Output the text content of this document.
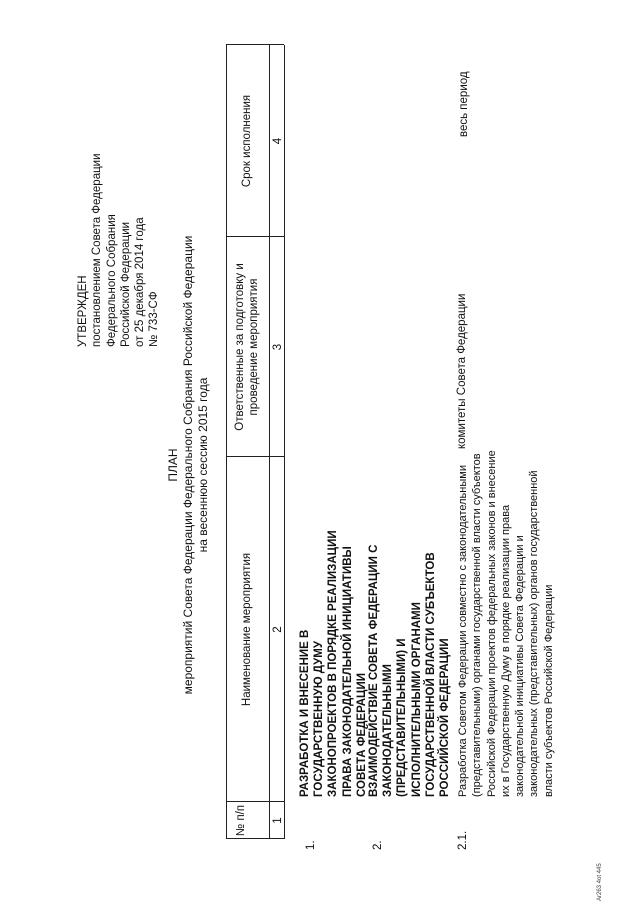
УТВЕРЖДЕН постановлением Совета Федерации Федерального Собрания Российской Федерации от 25 декабря 2014 года № 733-СФ
ПЛАН мероприятий Совета Федерации Федерального Собрания Российской Федерации на весеннюю сессию 2015 года
№ п/п
Наименование мероприятия
Ответственные за подготовку и проведение мероприятия
Срок исполнения
1
2
3
4
1.
РАЗРАБОТКА И ВНЕСЕНИЕ В ГОСУДАРСТВЕННУЮ ДУМУ ЗАКОНОПРОЕКТОВ В ПОРЯДКЕ РЕАЛИЗАЦИИ ПРАВА ЗАКОНОДАТЕЛЬНОЙ ИНИЦИАТИВЫ СОВЕТА ФЕДЕРАЦИИ
2.
ВЗАИМОДЕЙСТВИЕ СОВЕТА ФЕДЕРАЦИИ С ЗАКОНОДАТЕЛЬНЫМИ (ПРЕДСТАВИТЕЛЬНЫМИ) И ИСПОЛНИТЕЛЬНЫМИ ОРГАНАМИ ГОСУДАРСТВЕННОЙ ВЛАСТИ СУБЪЕКТОВ РОССИЙСКОЙ ФЕДЕРАЦИИ
2.1.
Разработка Советом Федерации совместно с законодательными (представительными) органами государственной власти субъектов Российской Федерации проектов федеральных законов и внесение их в Государственную Думу в порядке реализации права законодательной инициативы Совета Федерации и законодательных (представительных) органов государственной власти субъектов Российской Федерации
комитеты Совета Федерации
весь период
Ar263 4ot 445
